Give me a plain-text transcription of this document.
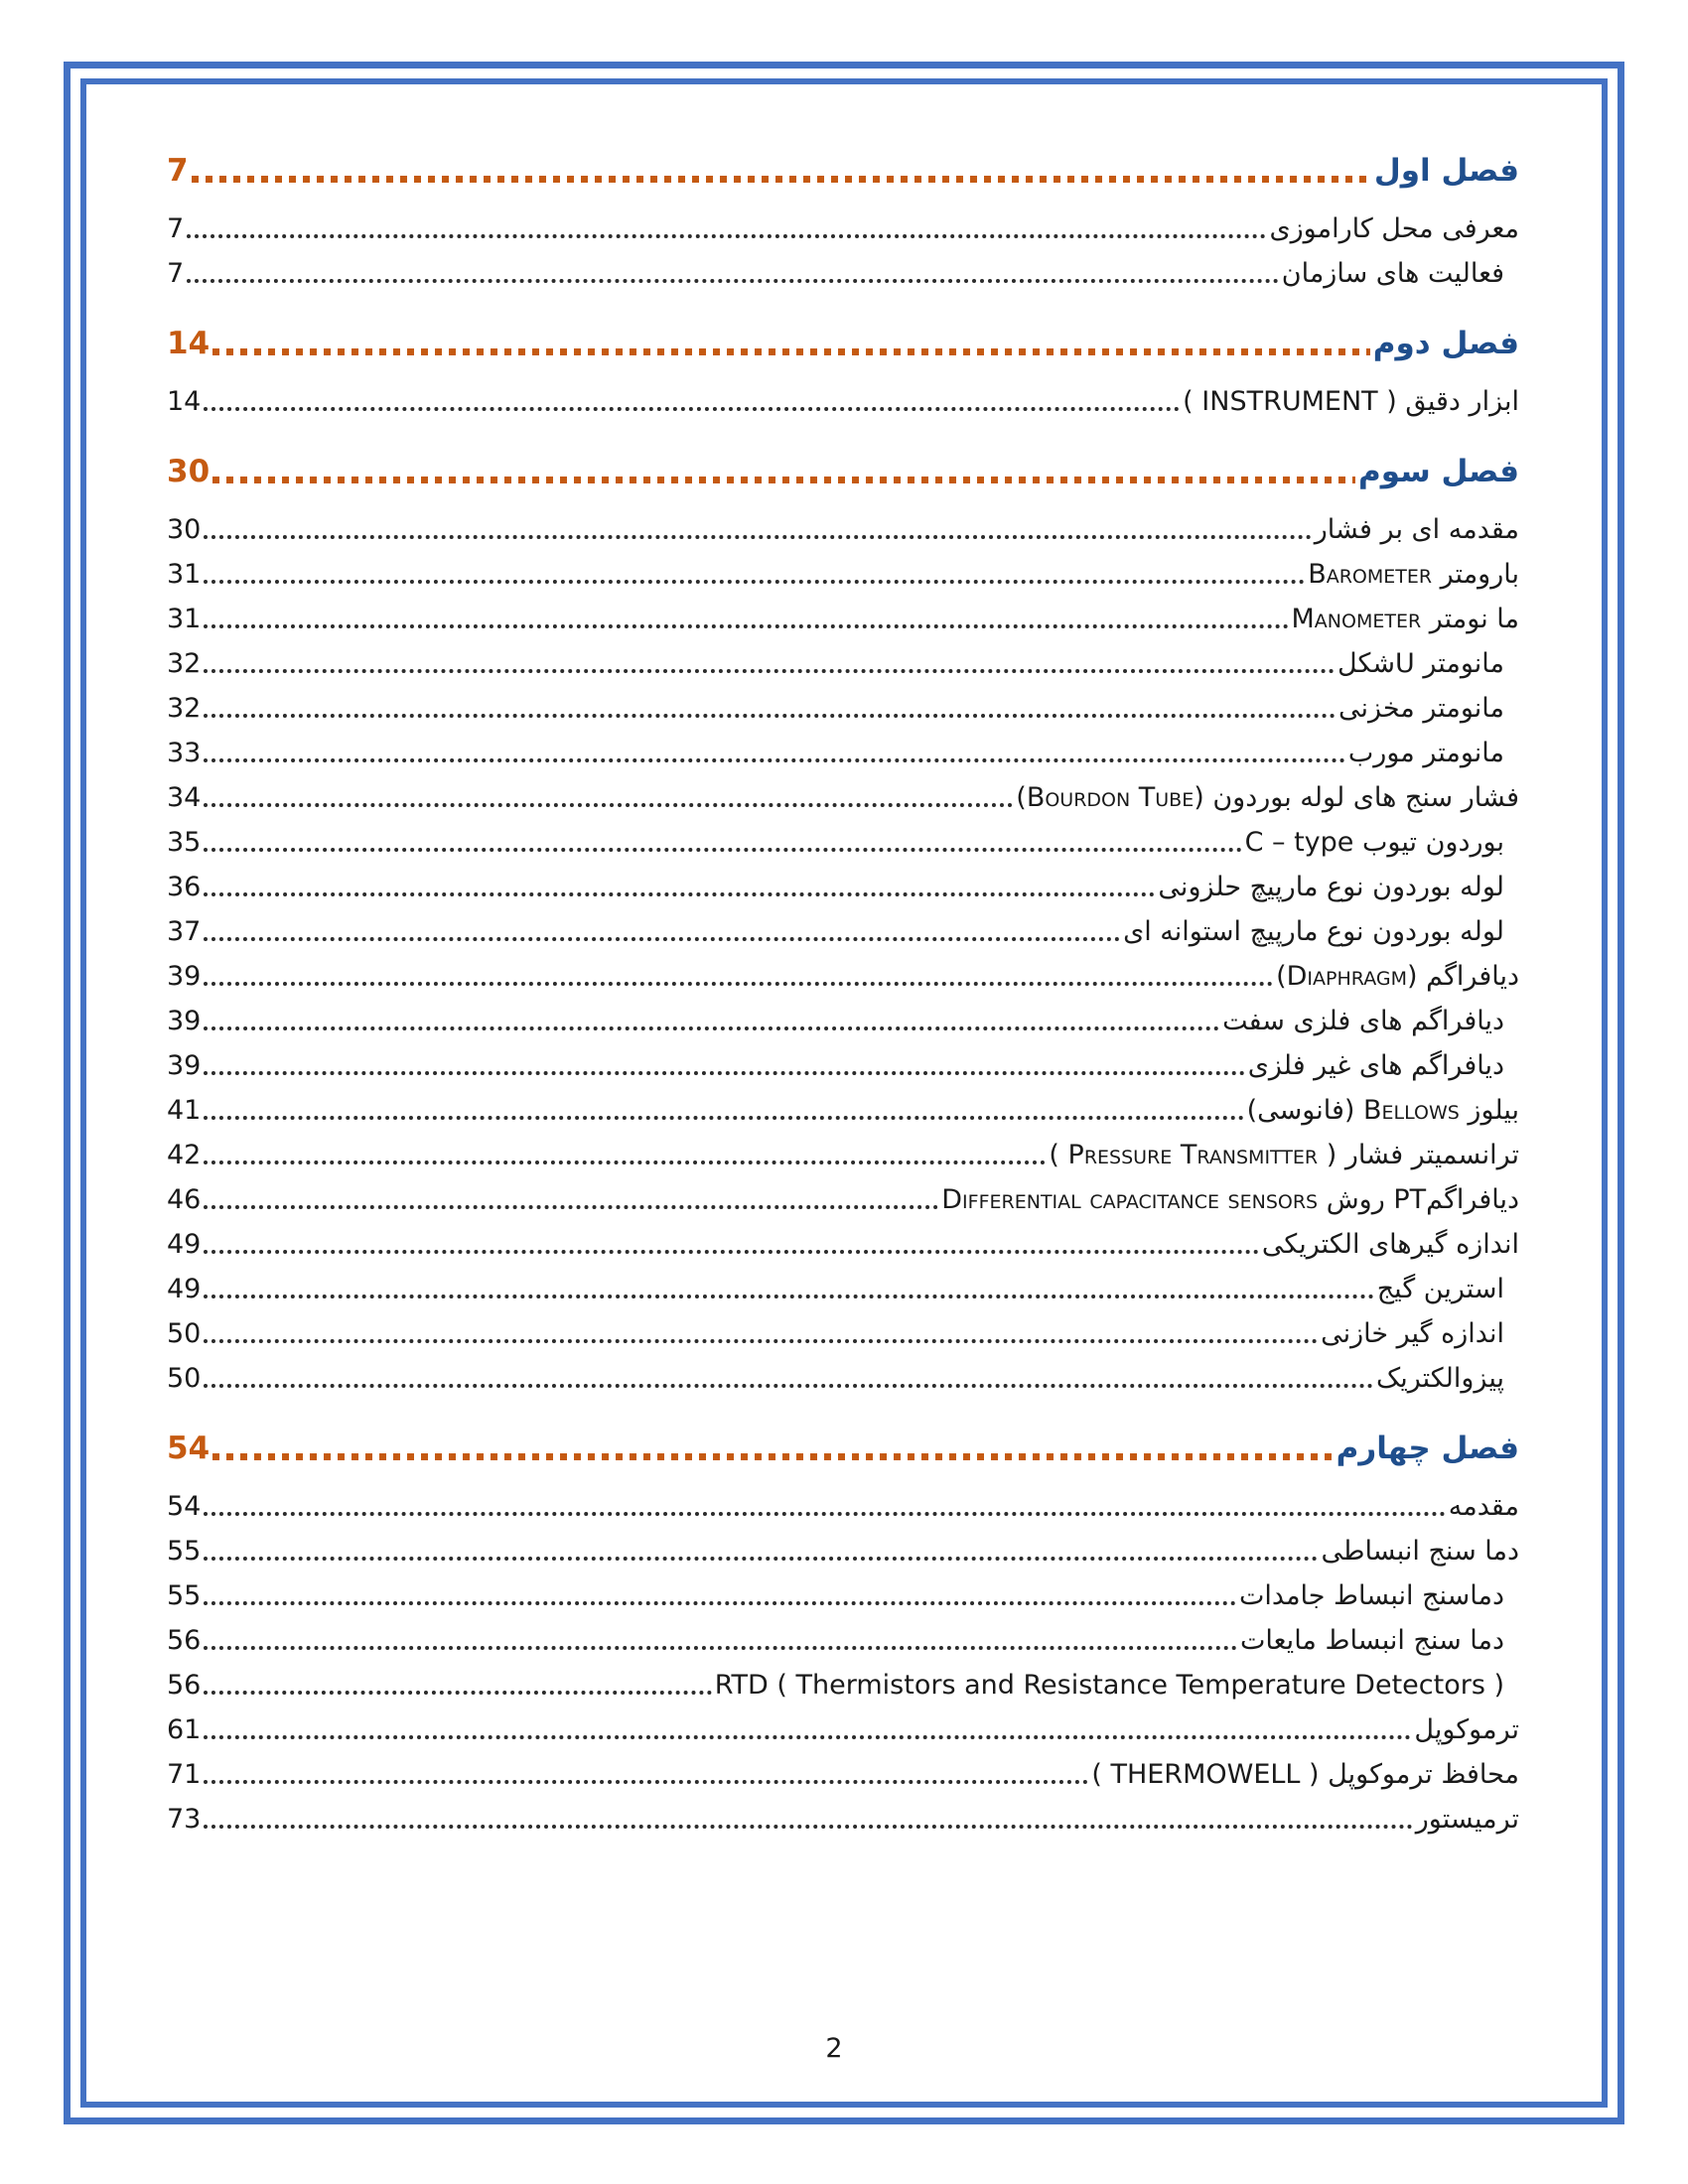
فصل اول
7
معرفی محل کاراموزی
7
فعالیت های سازمان
7
فصل دوم
14
ابزار دقیق ( INSTRUMENT )
14
فصل سوم
30
مقدمه ای بر فشار
30
بارومتر Barometer
31
ما نومتر Manometer
31
مانومتر Uشکل
32
مانومتر مخزنی
32
مانومتر مورب
33
فشار سنج های لوله بوردون (Bourdon Tube)
34
بوردون تیوب C – type
35
لوله بوردون نوع مارپیچ حلزونی
36
لوله بوردون نوع مارپیچ استوانه ای
37
دیافراگم (Diaphragm)
39
دیافراگم های فلزی سفت
39
دیافراگم های غیر فلزی
39
بیلوز Bellows (فانوسی)
41
ترانسمیتر فشار ( Pressure Transmitter )
42
دیافراگمPT روش Differential capacitance sensors
46
اندازه گیرهای الکتریکی
49
استرین گیج
49
اندازه گیر خازنی
50
پیزوالکتریک
50
فصل چهارم
54
مقدمه
54
دما سنج انبساطی
55
دماسنج انبساط جامدات
55
دما سنج انبساط مایعات
56
RTD ( Thermistors and Resistance Temperature Detectors )
56
ترموکوپل
61
محافظ ترموکوپل ( THERMOWELL )
71
ترمیستور
73
2
